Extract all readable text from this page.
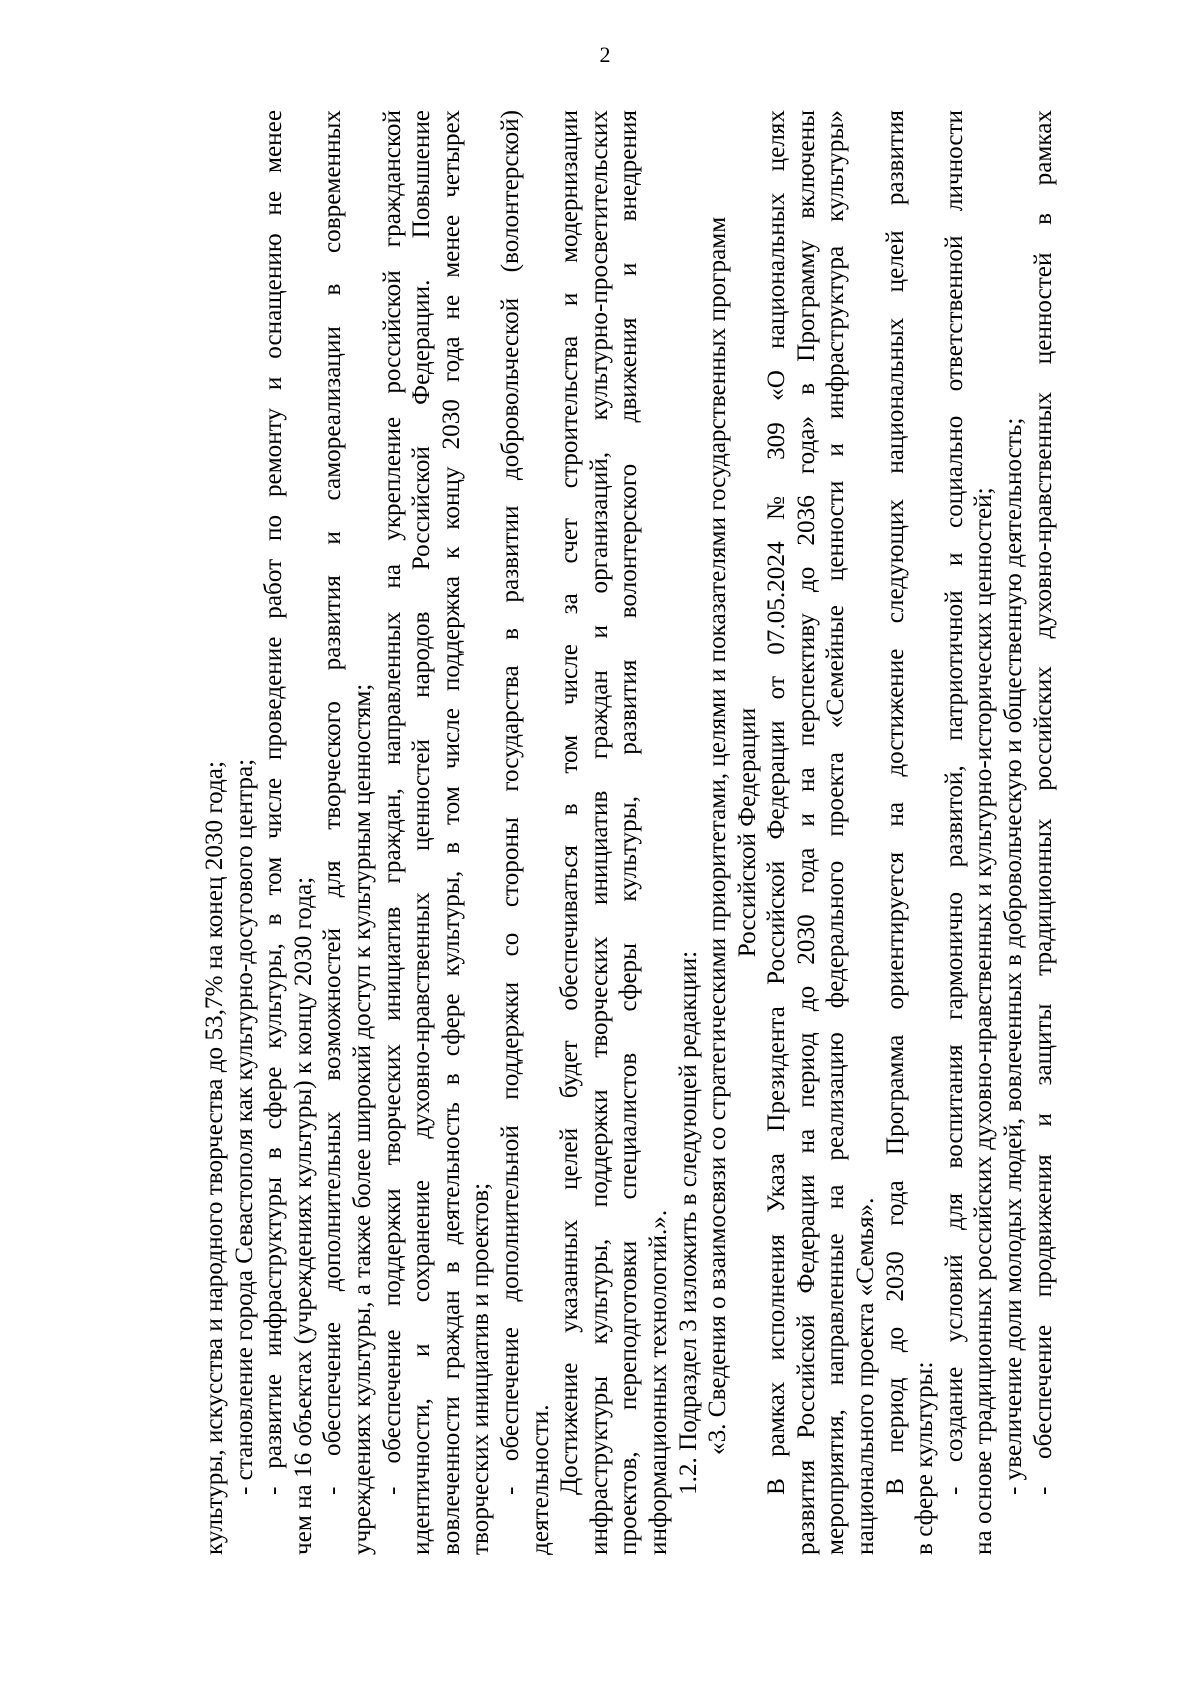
2
культуры, искусства и народного творчества до 53,7% на конец 2030 года; - становление города Севастополя как культурно-досугового центра; - развитие инфраструктуры в сфере культуры, в том числе проведение работ по ремонту и оснащению не менее чем на 16 объектах (учреждениях культуры) к концу 2030 года; - обеспечение дополнительных возможностей для творческого развития и самореализации в современных учреждениях культуры, а также более широкий доступ к культурным ценностям; - обеспечение поддержки творческих инициатив граждан, направленных на укрепление российской гражданской идентичности, и сохранение духовно-нравственных ценностей народов Российской Федерации. Повышение вовлеченности граждан в деятельность в сфере культуры, в том числе поддержка к концу 2030 года не менее четырех творческих инициатив и проектов; - обеспечение дополнительной поддержки со стороны государства в развитии добровольческой (волонтерской) деятельности. Достижение указанных целей будет обеспечиваться в том числе за счет строительства и модернизации инфраструктуры культуры, поддержки творческих инициатив граждан и организаций, культурно-просветительских проектов, переподготовки специалистов сферы культуры, развития волонтерского движения и внедрения информационных технологий.». 1.2. Подраздел 3 изложить в следующей редакции: «3. Сведения о взаимосвязи со стратегическими приоритетами, целями и показателями государственных программ Российской Федерации В рамках исполнения Указа Президента Российской Федерации от 07.05.2024 № 309 «О национальных целях развития Российской Федерации на период до 2030 года и на перспективу до 2036 года» в Программу включены мероприятия, направленные на реализацию федерального проекта «Семейные ценности и инфраструктура культуры» национального проекта «Семья». В период до 2030 года Программа ориентируется на достижение следующих национальных целей развития в сфере культуры: - создание условий для воспитания гармонично развитой, патриотичной и социально ответственной личности на основе традиционных российских духовно-нравственных и культурно-исторических ценностей; - увеличение доли молодых людей, вовлеченных в добровольческую и общественную деятельность; - обеспечение продвижения и защиты традиционных российских духовно-нравственных ценностей в рамках
